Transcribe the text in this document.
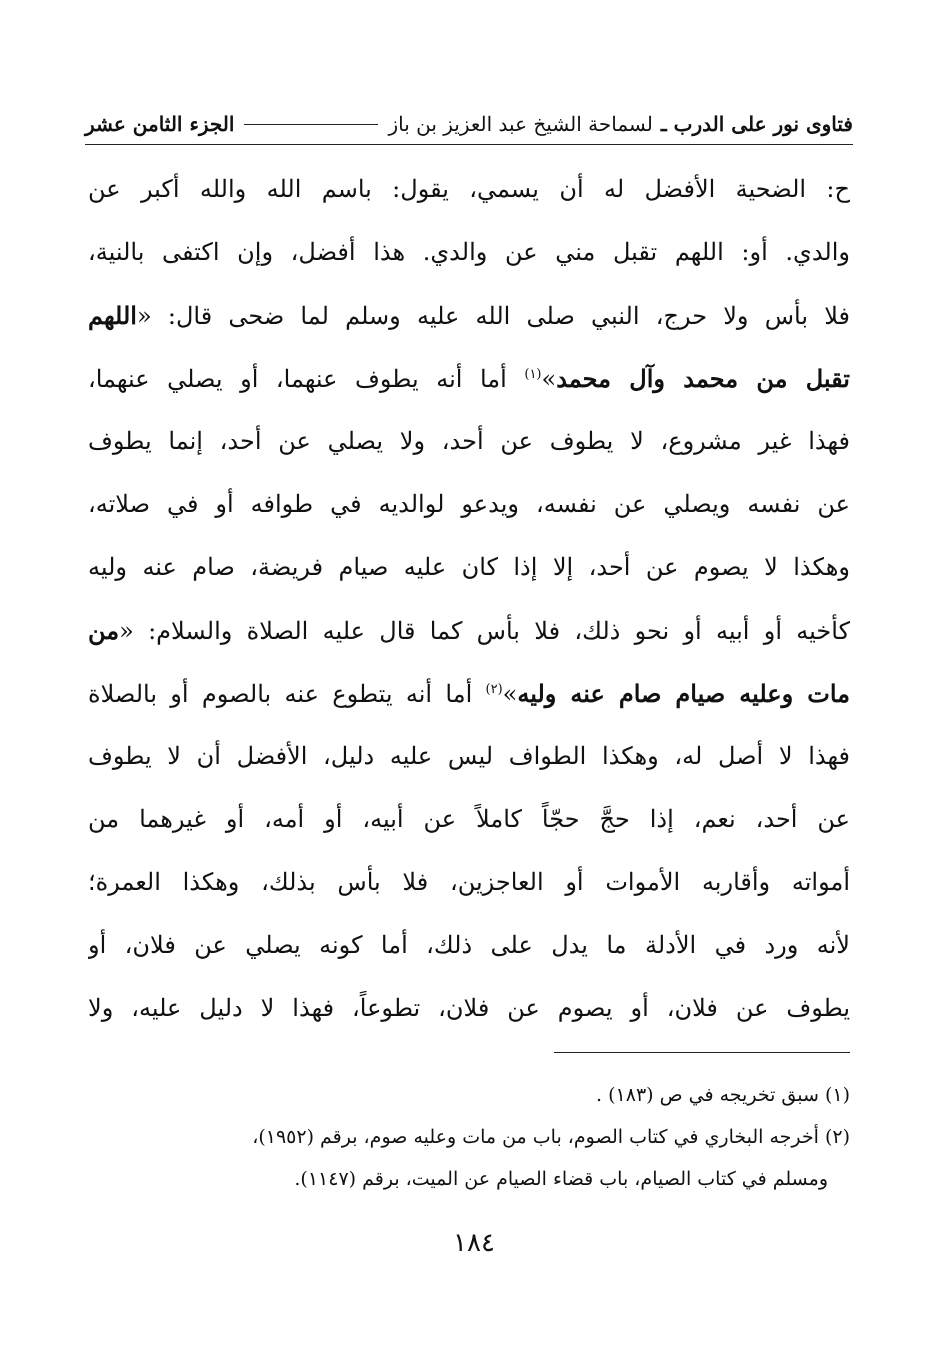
فتاوى نور على الدرب ـ
لسماحة الشيخ عبد العزيز بن باز
الجزء الثامن عشر
ح: الضحية الأفضل له أن يسمي، يقول: باسم الله والله أكبر عن
والدي. أو: اللهم تقبل مني عن والدي. هذا أفضل، وإن اكتفى بالنية،
فلا بأس ولا حرج، النبي صلى الله عليه وسلم لما ضحى قال: «اللهم
تقبل من محمد وآل محمد»$^{(١)}$ أما أنه يطوف عنهما، أو يصلي عنهما،
فهذا غير مشروع، لا يطوف عن أحد، ولا يصلي عن أحد، إنما يطوف
عن نفسه ويصلي عن نفسه، ويدعو لوالديه في طوافه أو في صلاته،
وهكذا لا يصوم عن أحد، إلا إذا كان عليه صيام فريضة، صام عنه وليه
كأخيه أو أبيه أو نحو ذلك، فلا بأس كما قال عليه الصلاة والسلام: «من
مات وعليه صيام صام عنه وليه»$^{(٢)}$ أما أنه يتطوع عنه بالصوم أو بالصلاة
فهذا لا أصل له، وهكذا الطواف ليس عليه دليل، الأفضل أن لا يطوف
عن أحد، نعم، إذا حجَّ حجّاً كاملاً عن أبيه، أو أمه، أو غيرهما من
أمواته وأقاربه الأموات أو العاجزين، فلا بأس بذلك، وهكذا العمرة؛
لأنه ورد في الأدلة ما يدل على ذلك، أما كونه يصلي عن فلان، أو
يطوف عن فلان، أو يصوم عن فلان، تطوعاً، فهذا لا دليل عليه، ولا
(١) سبق تخريجه في ص (١٨٣) .
(٢) أخرجه البخاري في كتاب الصوم، باب من مات وعليه صوم، برقم (١٩٥٢)،
ومسلم في كتاب الصيام، باب قضاء الصيام عن الميت، برقم (١١٤٧).
١٨٤
